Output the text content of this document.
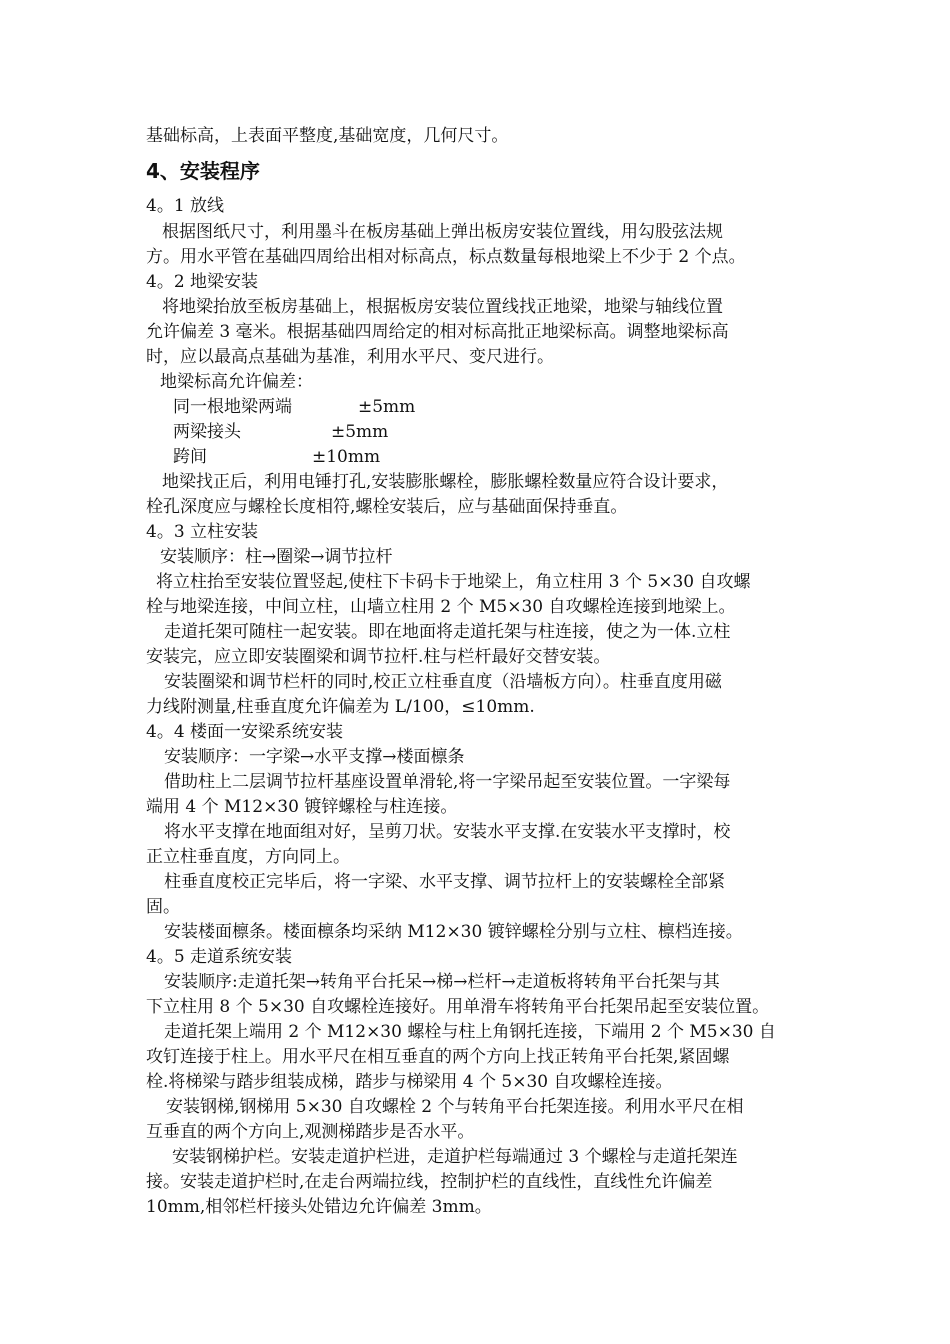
基础标高，上表面平整度,基础宽度，几何尺寸。
4、安装程序
4。1 放线
根据图纸尺寸，利用墨斗在板房基础上弹出板房安装位置线，用勾股弦法规
方。用水平管在基础四周给出相对标高点，标点数量每根地梁上不少于 2 个点。
4。2 地梁安装
将地梁抬放至板房基础上，根据板房安装位置线找正地梁，地梁与轴线位置
允许偏差 3 毫米。根据基础四周给定的相对标高批正地梁标高。调整地梁标高
时，应以最高点基础为基准，利用水平尺、变尺进行。
地梁标高允许偏差：
同一根地梁两端	±5mm
两梁接头	±5mm
跨间	±10mm
地梁找正后，利用电锤打孔,安装膨胀螺栓，膨胀螺栓数量应符合设计要求，
栓孔深度应与螺栓长度相符,螺栓安装后，应与基础面保持垂直。
4。3 立柱安装
安装顺序：柱→圈梁→调节拉杆
将立柱抬至安装位置竖起,使柱下卡码卡于地梁上，角立柱用 3 个 5×30 自攻螺
栓与地梁连接，中间立柱，山墙立柱用 2 个 M5×30 自攻螺栓连接到地梁上。
走道托架可随柱一起安装。即在地面将走道托架与柱连接，使之为一体.立柱
安装完，应立即安装圈梁和调节拉杆.柱与栏杆最好交替安装。
安装圈梁和调节栏杆的同时,校正立柱垂直度（沿墙板方向）。柱垂直度用磁
力线附测量,柱垂直度允许偏差为 L/100，≤10mm.
4。4 楼面一安梁系统安装
安装顺序：一字梁→水平支撑→楼面檩条
借助柱上二层调节拉杆基座设置单滑轮,将一字梁吊起至安装位置。一字梁每
端用 4 个 M12×30 镀锌螺栓与柱连接。
将水平支撑在地面组对好，呈剪刀状。安装水平支撑.在安装水平支撑时，校
正立柱垂直度，方向同上。
柱垂直度校正完毕后，将一字梁、水平支撑、调节拉杆上的安装螺栓全部紧
固。
安装楼面檩条。楼面檩条均采纳 M12×30 镀锌螺栓分别与立柱、檩档连接。
4。5 走道系统安装
安装顺序:走道托架→转角平台托呆→梯→栏杆→走道板将转角平台托架与其
下立柱用 8 个 5×30 自攻螺栓连接好。用单滑车将转角平台托架吊起至安装位置。
走道托架上端用 2 个 M12×30 螺栓与柱上角钢托连接，下端用 2 个 M5×30 自
攻钉连接于柱上。用水平尺在相互垂直的两个方向上找正转角平台托架,紧固螺
栓.将梯梁与踏步组装成梯，踏步与梯梁用 4 个 5×30 自攻螺栓连接。
安装钢梯,钢梯用 5×30 自攻螺栓 2 个与转角平台托架连接。利用水平尺在相
互垂直的两个方向上,观测梯踏步是否水平。
安装钢梯护栏。安装走道护栏进，走道护栏每端通过 3 个螺栓与走道托架连
接。安装走道护栏时,在走台两端拉线，控制护栏的直线性，直线性允许偏差
10mm,相邻栏杆接头处错边允许偏差 3mm。
